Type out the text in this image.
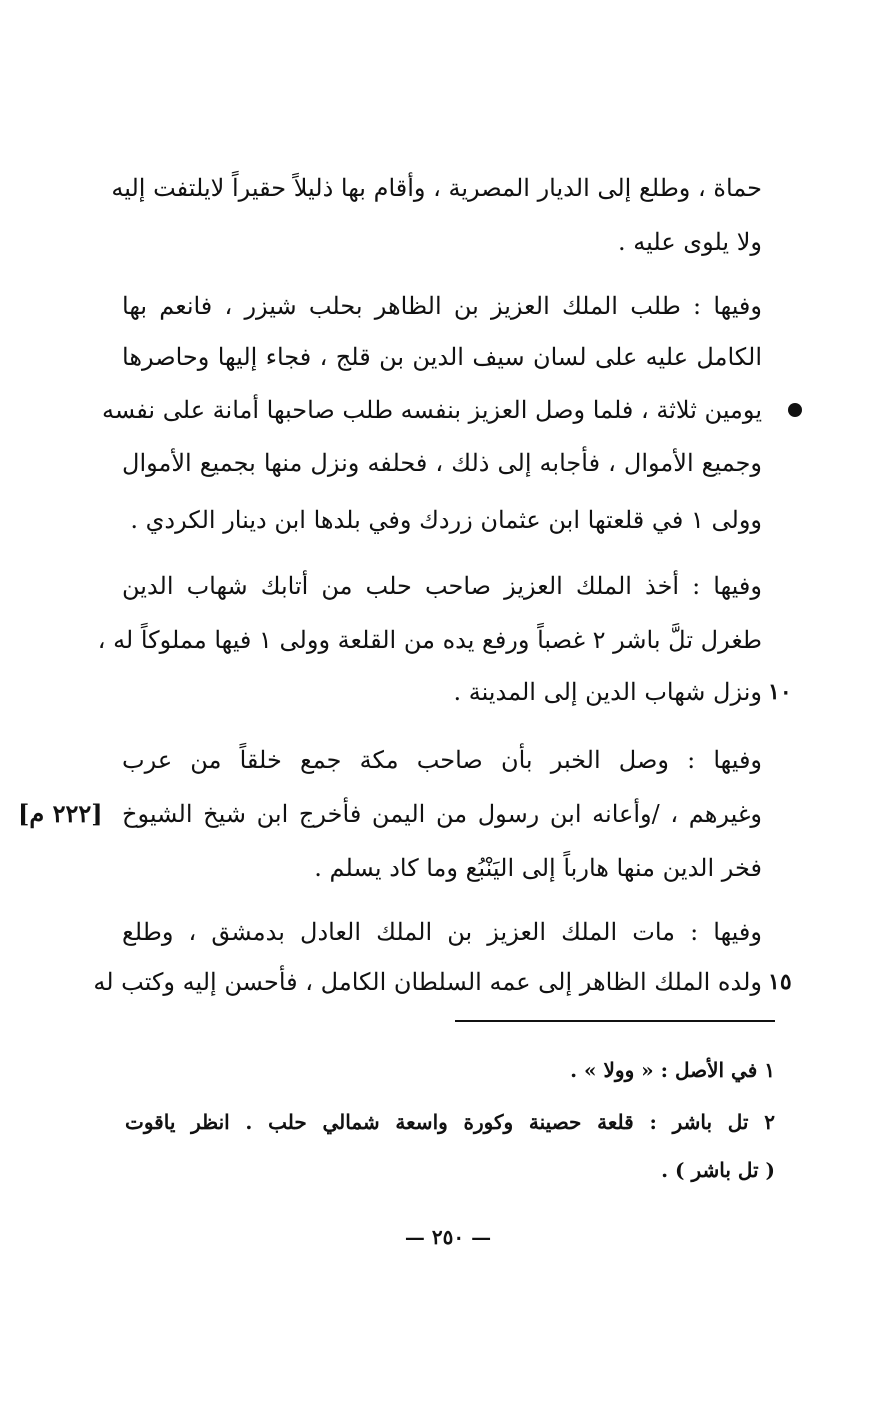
حماة ، وطلع إلى الديار المصرية ، وأقام بها ذليلاً حقيراً لايلتفت إليه
ولا يلوى عليه .
وفيها : طلب الملك العزيز بن الظاهر بحلب شيزر ، فانعم بها
الكامل عليه على لسان سيف الدين بن قلج ، فجاء إليها وحاصرها
يومين ثلاثة ، فلما وصل العزيز بنفسه طلب صاحبها أمانة على نفسه
وجميع الأموال ، فأجابه إلى ذلك ، فحلفه ونزل منها بجميع الأموال
وولى ١ في قلعتها ابن عثمان زردك وفي بلدها ابن دينار الكردي .
وفيها : أخذ الملك العزيز صاحب حلب من أتابك شهاب الدين
طغرل تلَّ باشر ٢ غصباً ورفع يده من القلعة وولى ١ فيها مملوكاً له ،
ونزل شهاب الدين إلى المدينة . ١٠
وفيها : وصل الخبر بأن صاحب مكة جمع خلقاً من عرب
وغيرهم ، /وأعانه ابن رسول من اليمن فأخرج ابن شيخ الشيوخ
[٢٢٢ م]
فخر الدين منها هارباً إلى اليَنْبُع وما كاد يسلم .
وفيها : مات الملك العزيز بن الملك العادل بدمشق ، وطلع
ولده الملك الظاهر إلى عمه السلطان الكامل ، فأحسن إليه وكتب له ١٥
١ في الأصل : « وولا » .
٢ تل باشر : قلعة حصينة وكورة واسعة شمالي حلب . انظر ياقوت
( تل باشر ) .
— ٢٥٠ —
